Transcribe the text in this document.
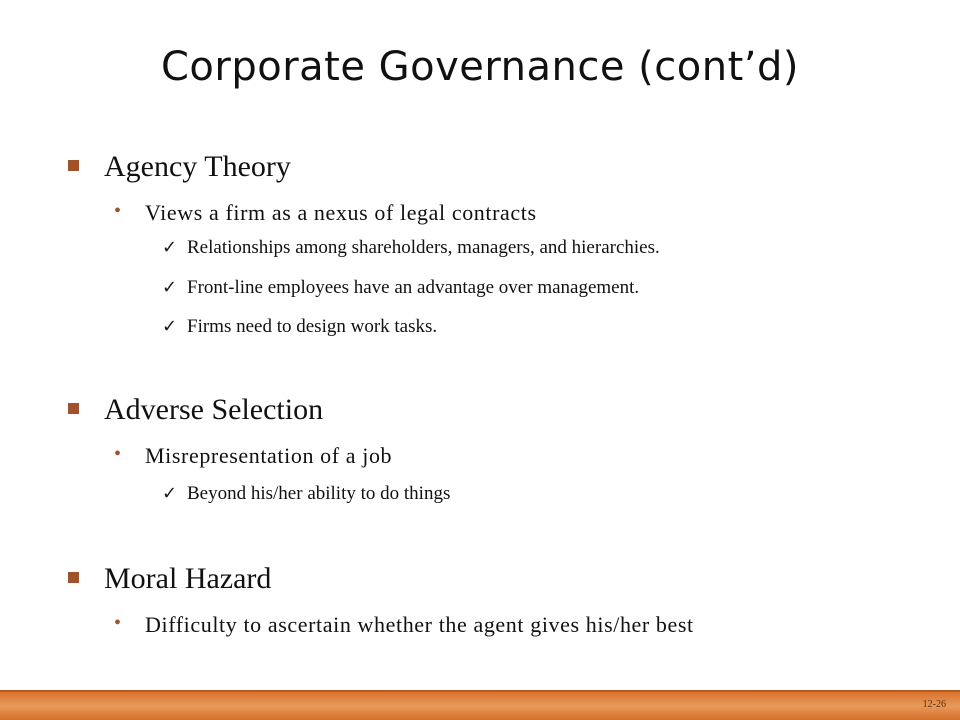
Corporate Governance (cont’d)
Agency Theory
• Views a firm as a nexus of legal contracts
✓ Relationships among shareholders, managers, and hierarchies.
✓ Front-line employees have an advantage over management.
✓ Firms need to design work tasks.
Adverse Selection
• Misrepresentation of a job
✓ Beyond his/her ability to do things
Moral Hazard
• Difficulty to ascertain whether the agent gives his/her best
12-26
